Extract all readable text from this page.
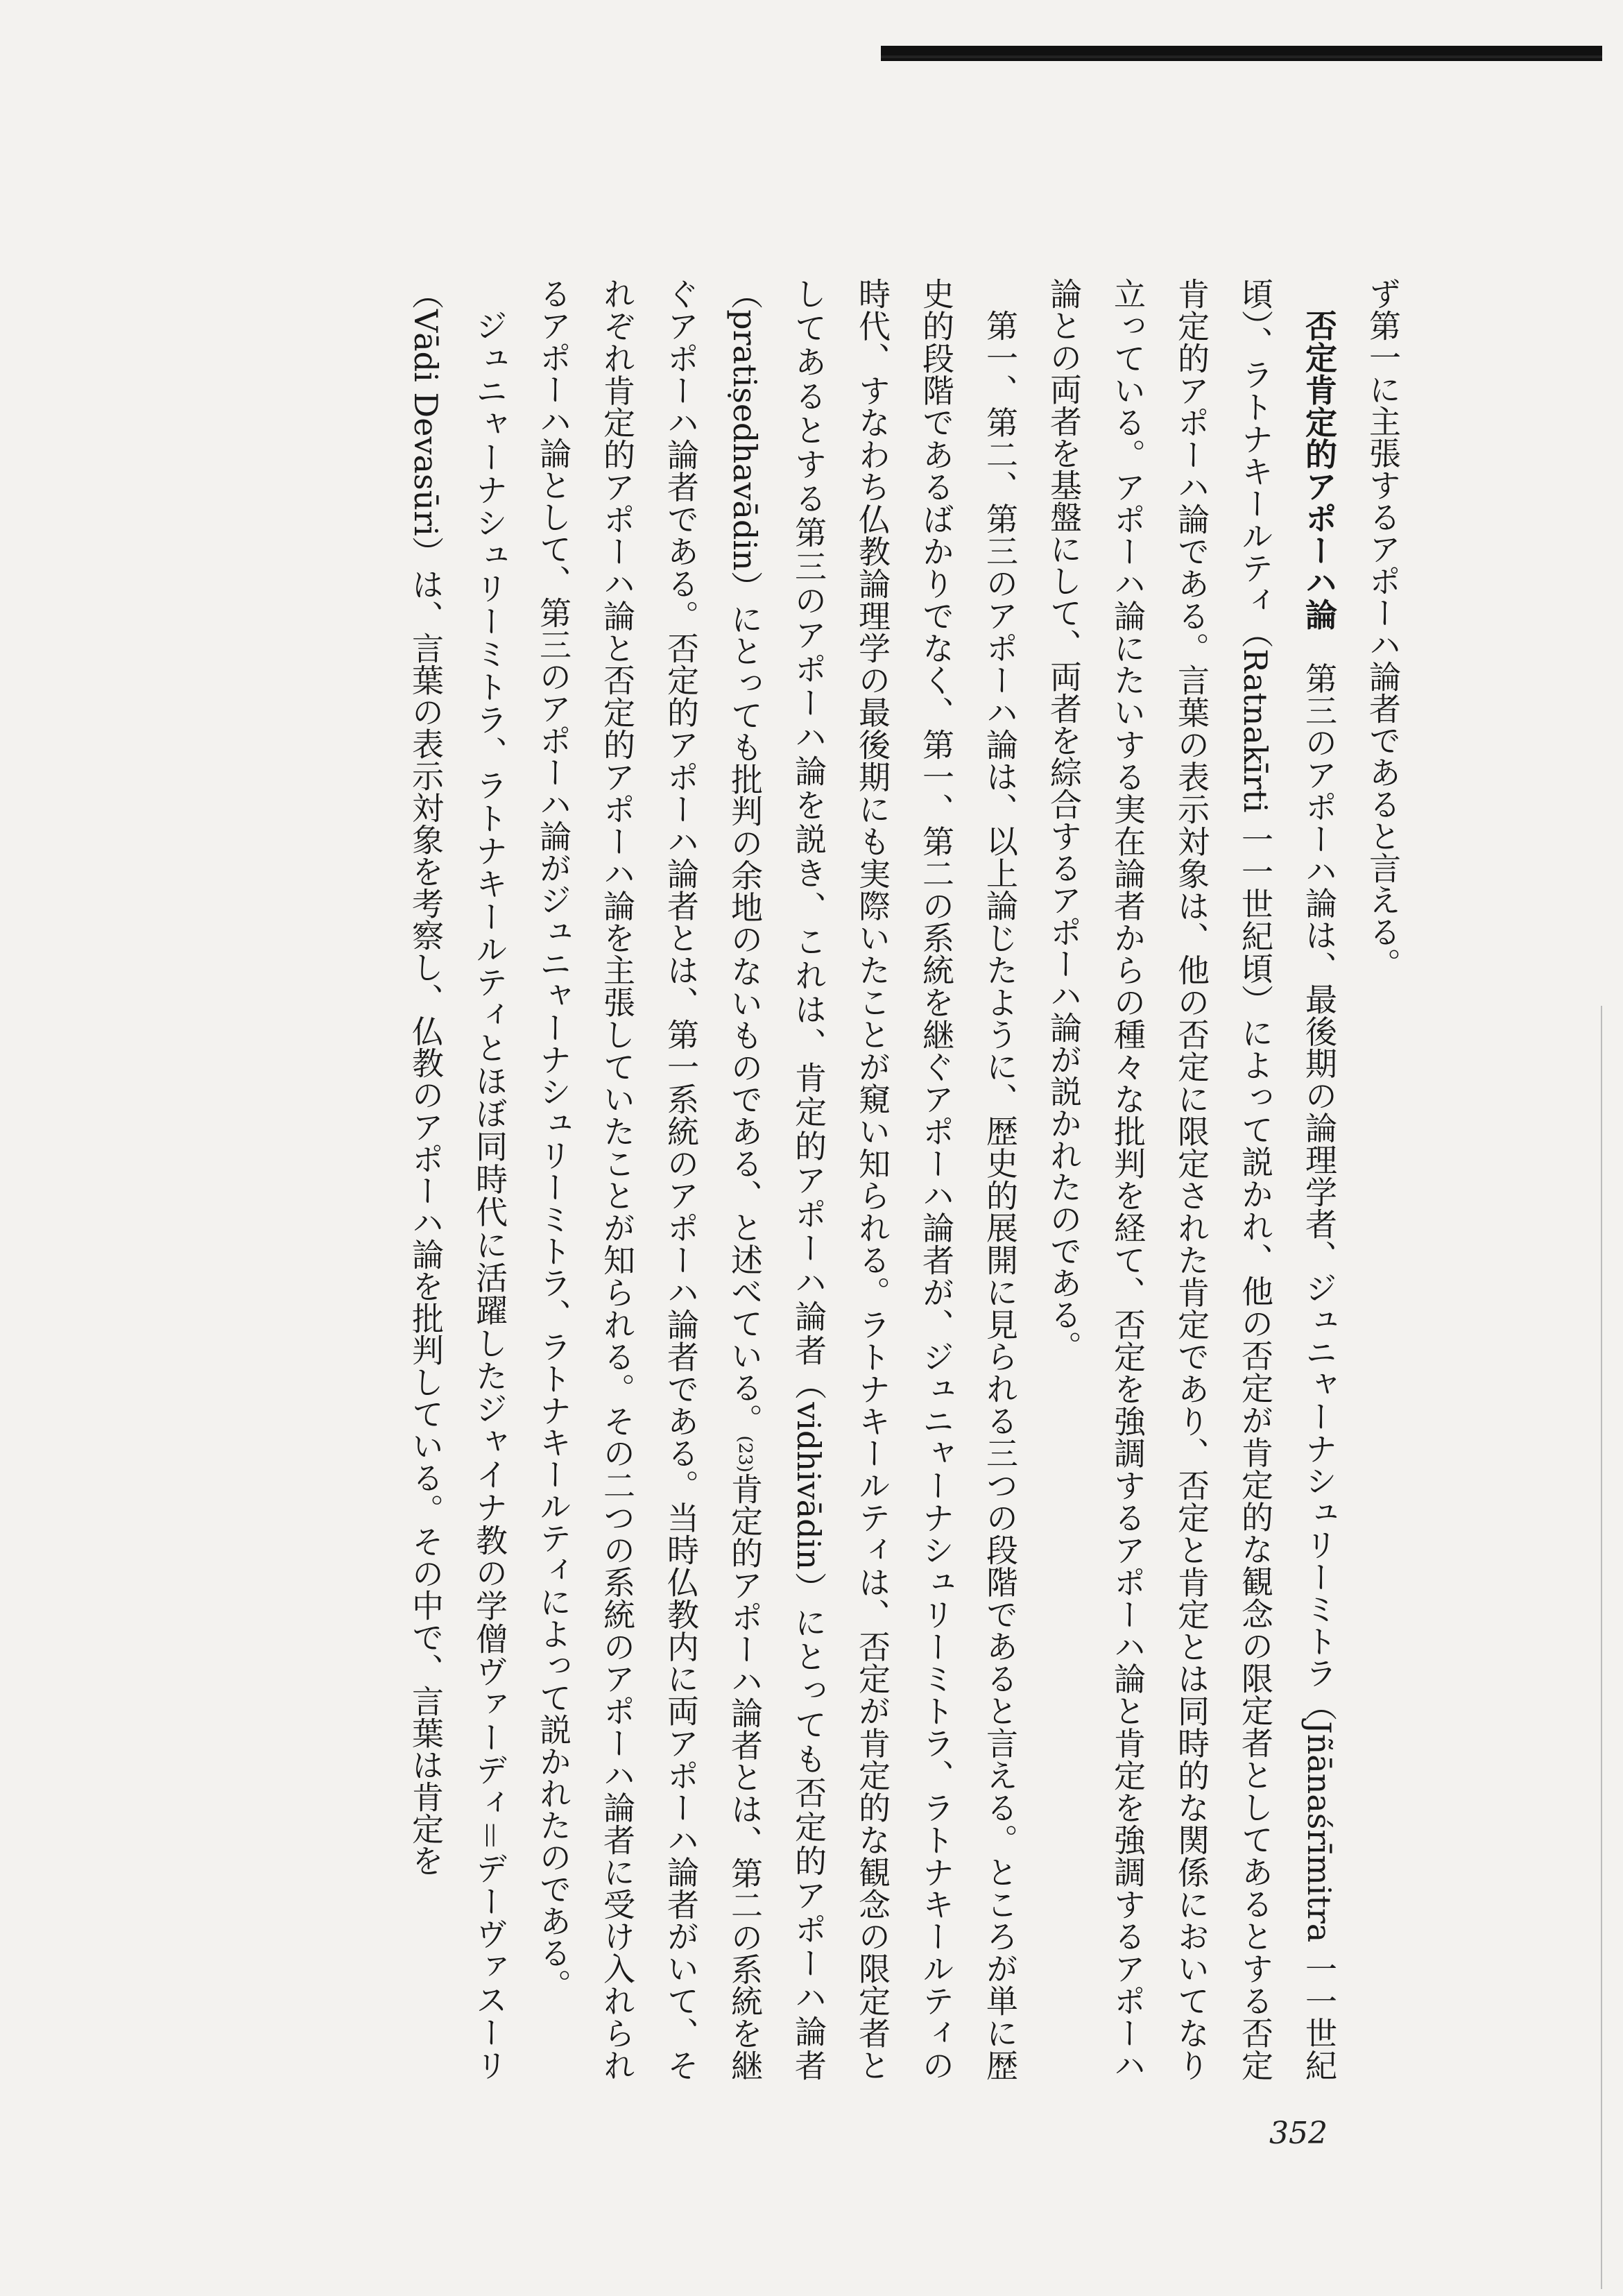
ず第一に主張するアポーハ論者であると言える。

否定肯定的アポーハ論第三のアポーハ論は、最後期の論理学者、ジュニャーナシュリーミトラ（Jñānaśrīmitra 一一世紀頃）、ラトナキールティ（Ratnakīrti 一一世紀頃）によって説かれ、他の否定が肯定的な観念の限定者としてあるとする否定肯定的アポーハ論である。言葉の表示対象は、他の否定に限定された肯定であり、否定と肯定とは同時的な関係においてなり立っている。アポーハ論にたいする実在論者からの種々な批判を経て、否定を強調するアポーハ論と肯定を強調するアポーハ論との両者を基盤にして、両者を綜合するアポーハ論が説かれたのである。

第一、第二、第三のアポーハ論は、以上論じたように、歴史的展開に見られる三つの段階であると言える。ところが単に歴史的段階であるばかりでなく、第一、第二の系統を継ぐアポーハ論者が、ジュニャーナシュリーミトラ、ラトナキールティの時代、すなわち仏教論理学の最後期にも実際いたことが窺い知られる。ラトナキールティは、否定が肯定的な観念の限定者としてあるとする第三のアポーハ論を説き、これは、肯定的アポーハ論者（vidhivādin）にとっても否定的アポーハ論者（pratiṣedhavādin）にとっても批判の余地のないものである、と述べている。(23)肯定的アポーハ論者とは、第二の系統を継ぐアポーハ論者である。否定的アポーハ論者とは、第一系統のアポーハ論者である。当時仏教内に両アポーハ論者がいて、それぞれ肯定的アポーハ論と否定的アポーハ論を主張していたことが知られる。その二つの系統のアポーハ論者に受け入れられるアポーハ論として、第三のアポーハ論がジュニャーナシュリーミトラ、ラトナキールティによって説かれたのである。

ジュニャーナシュリーミトラ、ラトナキールティとほぼ同時代に活躍したジャイナ教の学僧ヴァーディ＝デーヴァスーリ（Vādi Devasūri）は、言葉の表示対象を考察し、仏教のアポーハ論を批判している。その中で、言葉は肯定を

352
